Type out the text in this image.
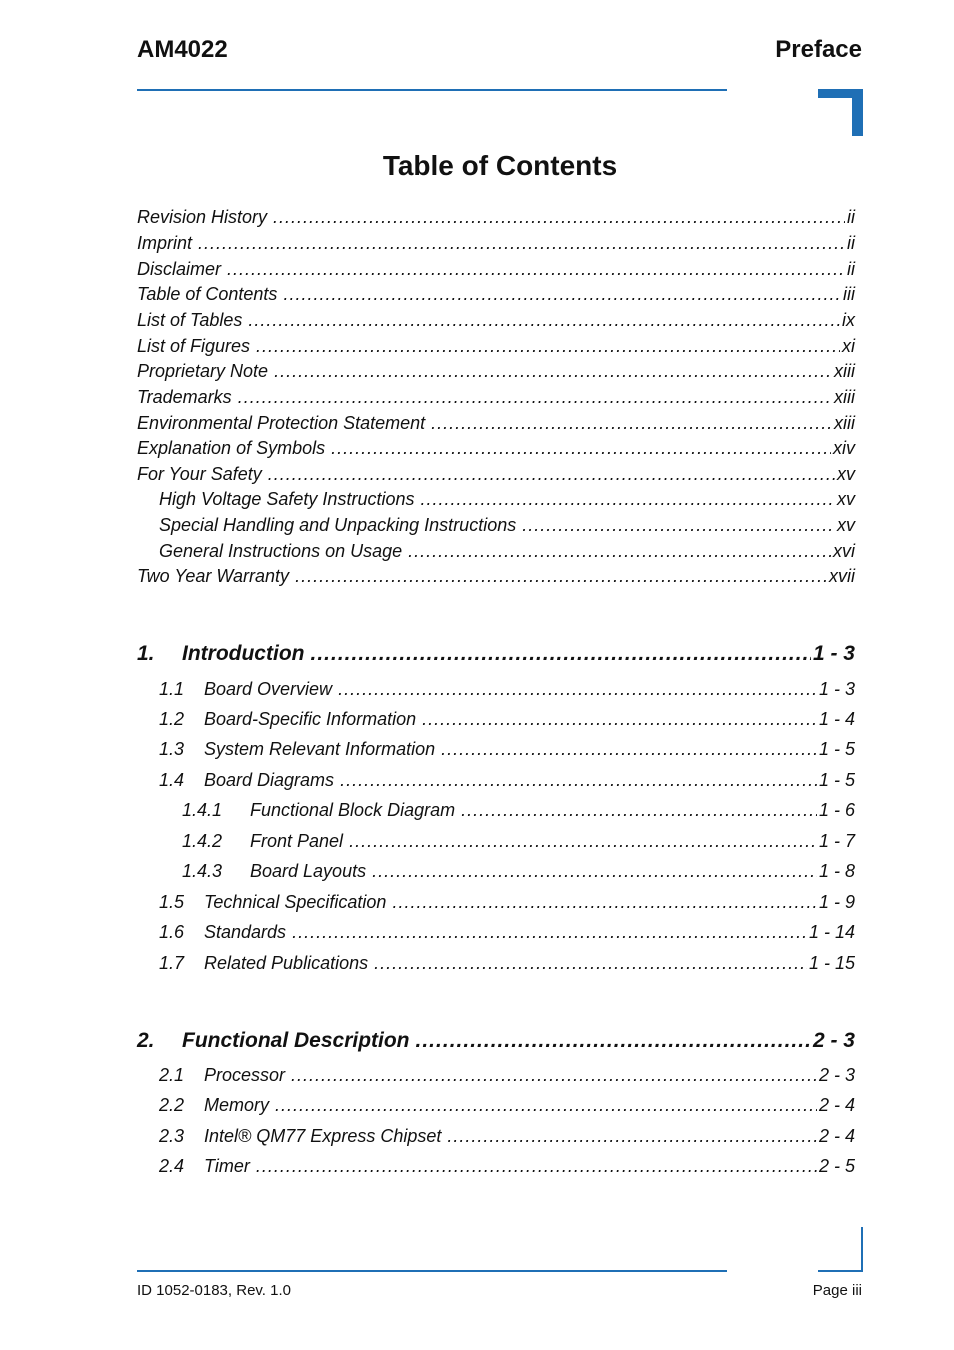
AM4022	Preface
Table of Contents
Revision History .....	ii
Imprint .....	ii
Disclaimer .....	ii
Table of Contents .....	iii
List of Tables .....	ix
List of Figures .....	xi
Proprietary Note .....	xiii
Trademarks .....	xiii
Environmental Protection Statement .....	xiii
Explanation of Symbols .....	xiv
For Your Safety .....	xv
High Voltage Safety Instructions .....	xv
Special Handling and Unpacking Instructions .....	xv
General Instructions on Usage .....	xvi
Two Year Warranty .....	xvii
1. Introduction .....	1 - 3
1.1 Board Overview .....	1 - 3
1.2 Board-Specific Information .....	1 - 4
1.3 System Relevant Information .....	1 - 5
1.4 Board Diagrams .....	1 - 5
1.4.1 Functional Block Diagram .....	1 - 6
1.4.2 Front Panel .....	1 - 7
1.4.3 Board Layouts .....	1 - 8
1.5 Technical Specification .....	1 - 9
1.6 Standards .....	1 - 14
1.7 Related Publications .....	1 - 15
2. Functional Description .....	2 - 3
2.1 Processor .....	2 - 3
2.2 Memory .....	2 - 4
2.3 Intel® QM77 Express Chipset .....	2 - 4
2.4 Timer .....	2 - 5
ID 1052-0183, Rev. 1.0	Page iii
